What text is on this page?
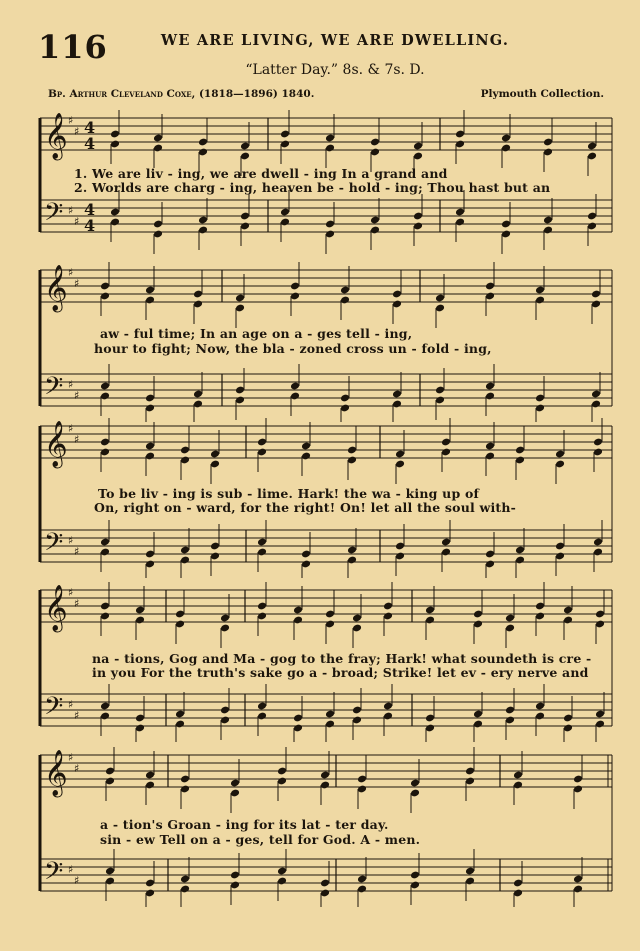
116	WE ARE LIVING, WE ARE DWELLING.
“Latter Day.” 8s. & 7s. D.
Bp. Arthur Cleveland Coxe, (1818—1896) 1840.	Plymouth Collection.
𝄞
𝄢
♯
♯
♯
♯
4
4
4
4
1. We are liv - ing, we are dwell - ing In a grand and
2. Worlds are charg - ing, heaven be - hold - ing; Thou hast but an
𝄞
𝄢
♯
♯
♯
♯
aw - ful time; In an age on a - ges tell - ing,
hour to fight; Now, the bla - zoned cross un - fold - ing,
𝄞
𝄢
♯
♯
♯
♯
To be liv - ing is sub - lime. Hark! the wa - king up of
On, right on - ward, for the right! On! let all the soul with-
𝄞
𝄢
♯
♯
♯
♯
na - tions, Gog and Ma - gog to the fray; Hark! what soundeth is cre -
in you For the truth's sake go a - broad; Strike! let ev - ery nerve and
𝄞
𝄢
♯
♯
♯
♯
a - tion's Groan - ing for its lat - ter day.
sin - ew Tell on a - ges, tell for God. A - men.
